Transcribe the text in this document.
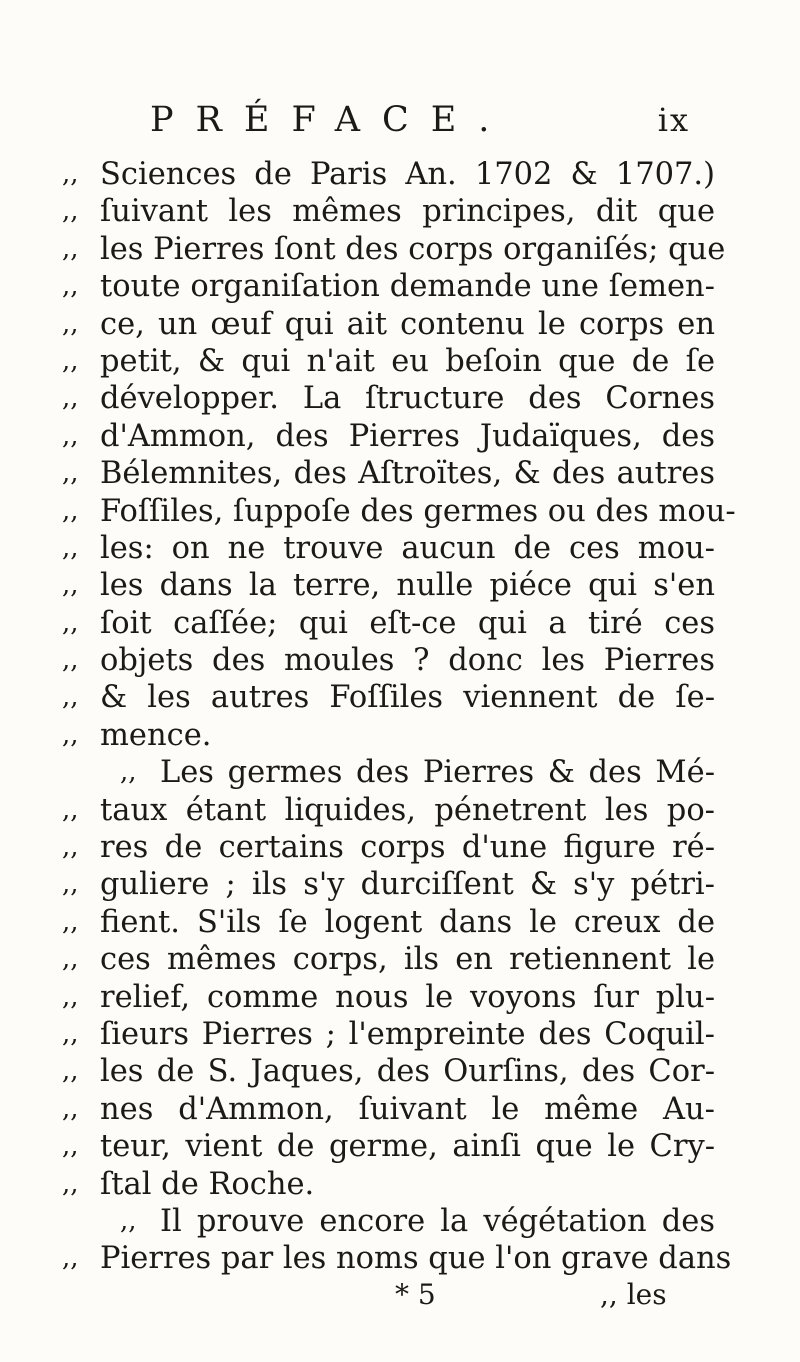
PRÉFACE.	ix
,, Sciences de Paris An. 1702 & 1707.)
,, ſuivant les mêmes principes, dit que
,, les Pierres ſont des corps organiſés; que
,, toute organiſation demande une ſemen-
,, ce, un œuf qui ait contenu le corps en
,, petit, & qui n'ait eu beſoin que de ſe
,, développer. La ſtructure des Cornes
,, d'Ammon, des Pierres Judaïques, des
,, Bélemnites, des Aſtroïtes, & des autres
,, Foſſiles, ſuppoſe des germes ou des mou-
,, les: on ne trouve aucun de ces mou-
,, les dans la terre, nulle piéce qui s'en
,, ſoit caſſée; qui eſt-ce qui a tiré ces
,, objets des moules ? donc les Pierres
,, & les autres Foſſiles viennent de ſe-
,, mence.
,, Les germes des Pierres & des Mé-
,, taux étant liquides, pénetrent les po-
,, res de certains corps d'une figure ré-
,, guliere ; ils s'y durciſſent & s'y pétri-
,, fient. S'ils ſe logent dans le creux de
,, ces mêmes corps, ils en retiennent le
,, relief, comme nous le voyons ſur plu-
,, ſieurs Pierres ; l'empreinte des Coquil-
,, les de S. Jaques, des Ourſins, des Cor-
,, nes d'Ammon, ſuivant le même Au-
,, teur, vient de germe, ainſi que le Cry-
,, ſtal de Roche.
,, Il prouve encore la végétation des
,, Pierres par les noms que l'on grave dans
* 5	,, les
